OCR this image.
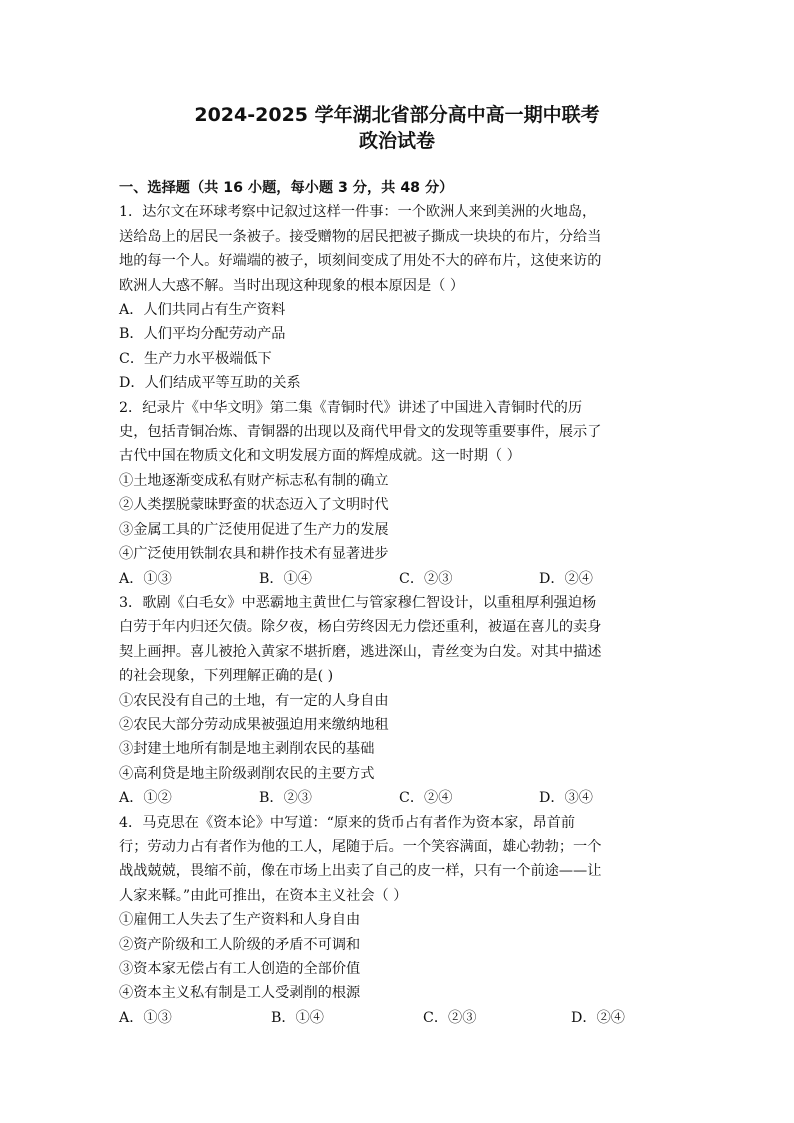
2024-2025 学年湖北省部分高中高一期中联考
政治试卷
一、选择题（共 16 小题，每小题 3 分，共 48 分）
1．达尔文在环球考察中记叙过这样一件事：一个欧洲人来到美洲的火地岛，
送给岛上的居民一条被子。接受赠物的居民把被子撕成一块块的布片，分给当
地的每一个人。好端端的被子，顷刻间变成了用处不大的碎布片，这使来访的
欧洲人大惑不解。当时出现这种现象的根本原因是（ ）
A．人们共同占有生产资料
B．人们平均分配劳动产品
C．生产力水平极端低下
D．人们结成平等互助的关系
2．纪录片《中华文明》第二集《青铜时代》讲述了中国进入青铜时代的历
史，包括青铜冶炼、青铜器的出现以及商代甲骨文的发现等重要事件，展示了
古代中国在物质文化和文明发展方面的辉煌成就。这一时期（ ）
①土地逐渐变成私有财产标志私有制的确立
②人类摆脱蒙昧野蛮的状态迈入了文明时代
③金属工具的广泛使用促进了生产力的发展
④广泛使用铁制农具和耕作技术有显著进步
A．①③	B．①④	C．②③	D．②④
3．歌剧《白毛女》中恶霸地主黄世仁与管家穆仁智设计，以重租厚利强迫杨
白劳于年内归还欠债。除夕夜，杨白劳终因无力偿还重利，被逼在喜儿的卖身
契上画押。喜儿被抢入黄家不堪折磨，逃进深山，青丝变为白发。对其中描述
的社会现象，下列理解正确的是( )
①农民没有自己的土地，有一定的人身自由
②农民大部分劳动成果被强迫用来缴纳地租
③封建土地所有制是地主剥削农民的基础
④高利贷是地主阶级剥削农民的主要方式
A．①②	B．②③	C．②④	D．③④
4．马克思在《资本论》中写道：“原来的货币占有者作为资本家，昂首前
行；劳动力占有者作为他的工人，尾随于后。一个笑容满面，雄心勃勃；一个
战战兢兢，畏缩不前，像在市场上出卖了自己的皮一样，只有一个前途——让
人家来鞣。”由此可推出，在资本主义社会（ ）
①雇佣工人失去了生产资料和人身自由
②资产阶级和工人阶级的矛盾不可调和
③资本家无偿占有工人创造的全部价值
④资本主义私有制是工人受剥削的根源
A．①③	B．①④	C．②③	D．②④
